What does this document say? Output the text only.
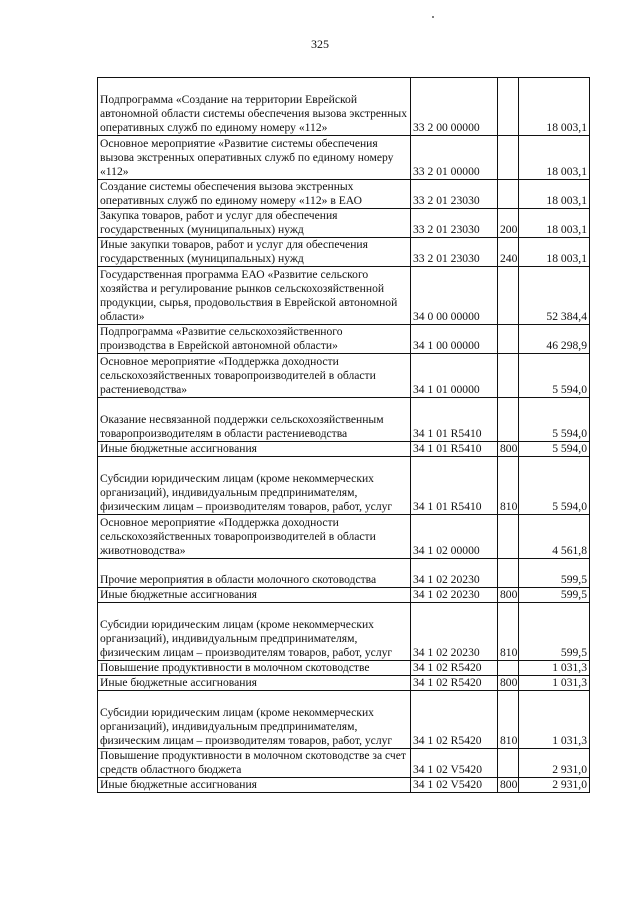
325
Подпрограмма «Создание на территории Еврейской автономной области системы обеспечения вызова экстренных оперативных служб по единому номеру «112»	33 2 00 00000		18 003,1
Основное мероприятие «Развитие системы обеспечения вызова экстренных оперативных служб по единому номеру «112»	33 2 01 00000		18 003,1
Создание системы обеспечения вызова экстренных оперативных служб по единому номеру «112» в ЕАО	33 2 01 23030		18 003,1
Закупка товаров, работ и услуг для обеспечения государственных (муниципальных) нужд	33 2 01 23030	200	18 003,1
Иные закупки товаров, работ и услуг для обеспечения государственных (муниципальных) нужд	33 2 01 23030	240	18 003,1
Государственная программа ЕАО «Развитие сельского хозяйства и регулирование рынков сельскохозяйственной продукции, сырья, продовольствия в Еврейской автономной области»	34 0 00 00000		52 384,4
Подпрограмма «Развитие сельскохозяйственного производства в Еврейской автономной области»	34 1 00 00000		46 298,9
Основное мероприятие «Поддержка доходности сельскохозяйственных товаропроизводителей в области растениеводства»	34 1 01 00000		5 594,0
Оказание несвязанной поддержки сельскохозяйственным товаропроизводителям в области растениеводства	34 1 01 R5410		5 594,0
Иные бюджетные ассигнования	34 1 01 R5410	800	5 594,0
Субсидии юридическим лицам (кроме некоммерческих организаций), индивидуальным предпринимателям, физическим лицам – производителям товаров, работ, услуг	34 1 01 R5410	810	5 594,0
Основное мероприятие «Поддержка доходности сельскохозяйственных товаропроизводителей в области животноводства»	34 1 02 00000		4 561,8
Прочие мероприятия в области молочного скотоводства	34 1 02 20230		599,5
Иные бюджетные ассигнования	34 1 02 20230	800	599,5
Субсидии юридическим лицам (кроме некоммерческих организаций), индивидуальным предпринимателям, физическим лицам – производителям товаров, работ, услуг	34 1 02 20230	810	599,5
Повышение продуктивности в молочном скотоводстве	34 1 02 R5420		1 031,3
Иные бюджетные ассигнования	34 1 02 R5420	800	1 031,3
Субсидии юридическим лицам (кроме некоммерческих организаций), индивидуальным предпринимателям, физическим лицам – производителям товаров, работ, услуг	34 1 02 R5420	810	1 031,3
Повышение продуктивности в молочном скотоводстве за счет средств областного бюджета	34 1 02 V5420		2 931,0
Иные бюджетные ассигнования	34 1 02 V5420	800	2 931,0
